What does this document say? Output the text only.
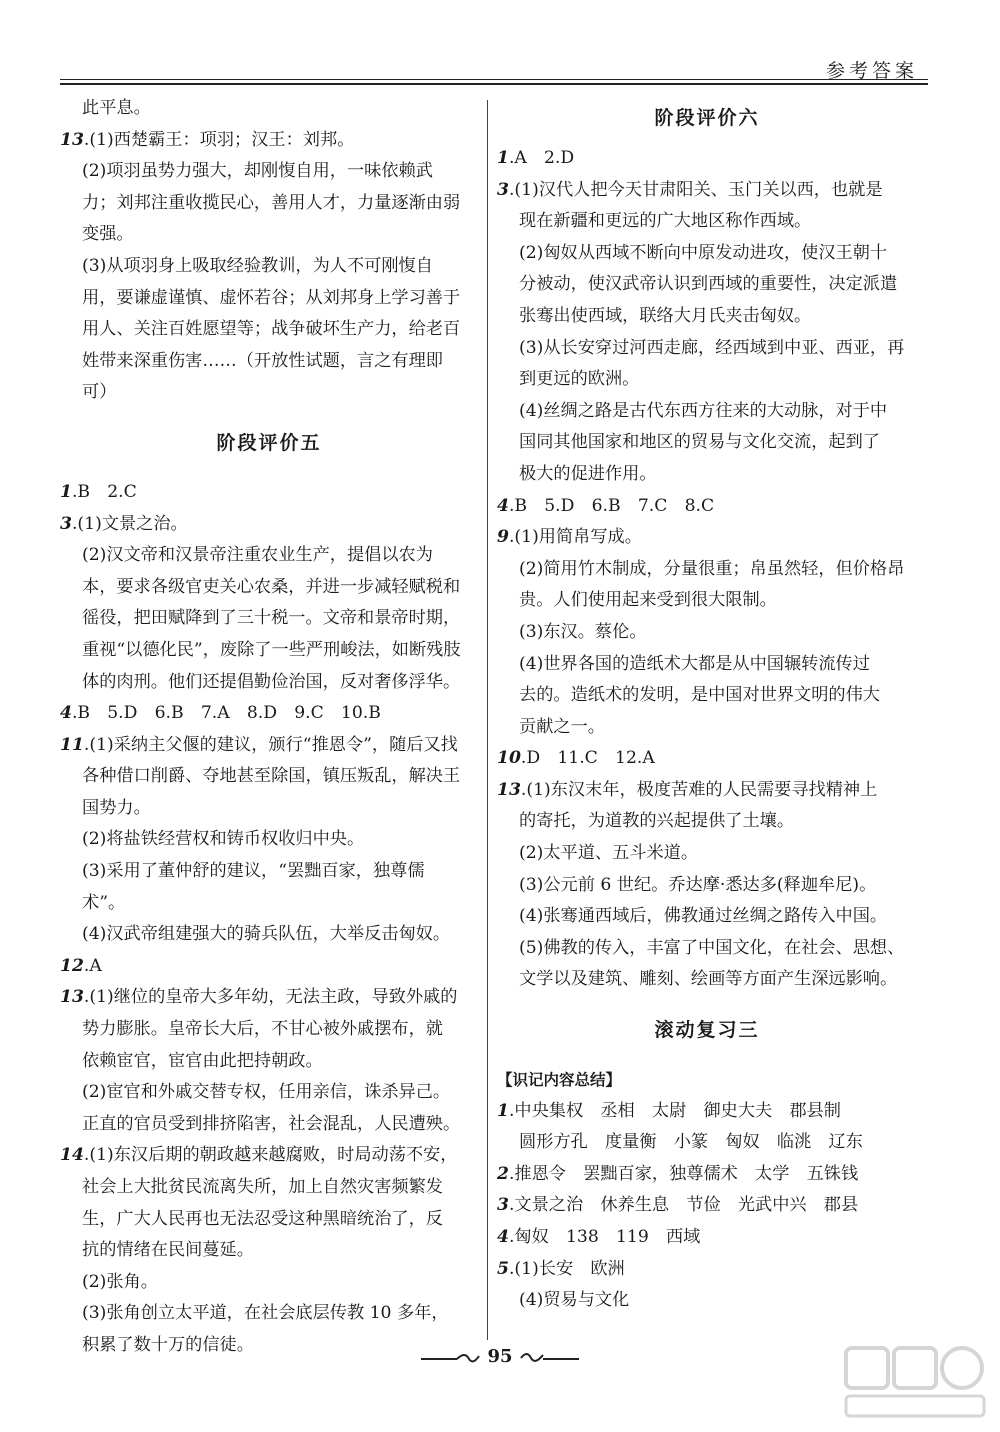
参考答案
此平息。
13.(1)西楚霸王：项羽；汉王：刘邦。
(2)项羽虽势力强大，却刚愎自用，一味依赖武
力；刘邦注重收揽民心，善用人才，力量逐渐由弱
变强。
(3)从项羽身上吸取经验教训，为人不可刚愎自
用，要谦虚谨慎、虚怀若谷；从刘邦身上学习善于
用人、关注百姓愿望等；战争破坏生产力，给老百
姓带来深重伤害……（开放性试题，言之有理即
可）
阶段评价五
1.B　2.C
3.(1)文景之治。
(2)汉文帝和汉景帝注重农业生产，提倡以农为
本，要求各级官吏关心农桑，并进一步减轻赋税和
徭役，把田赋降到了三十税一。文帝和景帝时期，
重视“以德化民”，废除了一些严刑峻法，如断残肢
体的肉刑。他们还提倡勤俭治国，反对奢侈浮华。
4.B　5.D　6.B　7.A　8.D　9.C　10.B
11.(1)采纳主父偃的建议，颁行“推恩令”，随后又找
各种借口削爵、夺地甚至除国，镇压叛乱，解决王
国势力。
(2)将盐铁经营权和铸币权收归中央。
(3)采用了董仲舒的建议，“罢黜百家，独尊儒
术”。
(4)汉武帝组建强大的骑兵队伍，大举反击匈奴。
12.A
13.(1)继位的皇帝大多年幼，无法主政，导致外戚的
势力膨胀。皇帝长大后，不甘心被外戚摆布，就
依赖宦官，宦官由此把持朝政。
(2)宦官和外戚交替专权，任用亲信，诛杀异己。
正直的官员受到排挤陷害，社会混乱，人民遭殃。
14.(1)东汉后期的朝政越来越腐败，时局动荡不安，
社会上大批贫民流离失所，加上自然灾害频繁发
生，广大人民再也无法忍受这种黑暗统治了，反
抗的情绪在民间蔓延。
(2)张角。
(3)张角创立太平道，在社会底层传教 10 多年，
积累了数十万的信徒。
阶段评价六
1.A　2.D
3.(1)汉代人把今天甘肃阳关、玉门关以西，也就是
现在新疆和更远的广大地区称作西域。
(2)匈奴从西域不断向中原发动进攻，使汉王朝十
分被动，使汉武帝认识到西域的重要性，决定派遣
张骞出使西域，联络大月氏夹击匈奴。
(3)从长安穿过河西走廊，经西域到中亚、西亚，再
到更远的欧洲。
(4)丝绸之路是古代东西方往来的大动脉，对于中
国同其他国家和地区的贸易与文化交流，起到了
极大的促进作用。
4.B　5.D　6.B　7.C　8.C
9.(1)用简帛写成。
(2)简用竹木制成，分量很重；帛虽然轻，但价格昂
贵。人们使用起来受到很大限制。
(3)东汉。蔡伦。
(4)世界各国的造纸术大都是从中国辗转流传过
去的。造纸术的发明，是中国对世界文明的伟大
贡献之一。
10.D　11.C　12.A
13.(1)东汉末年，极度苦难的人民需要寻找精神上
的寄托，为道教的兴起提供了土壤。
(2)太平道、五斗米道。
(3)公元前 6 世纪。乔达摩·悉达多(释迦牟尼)。
(4)张骞通西域后，佛教通过丝绸之路传入中国。
(5)佛教的传入，丰富了中国文化，在社会、思想、
文学以及建筑、雕刻、绘画等方面产生深远影响。
滚动复习三
【识记内容总结】
1.中央集权　丞相　太尉　御史大夫　郡县制
圆形方孔　度量衡　小篆　匈奴　临洮　辽东
2.推恩令　罢黜百家，独尊儒术　太学　五铢钱
3.文景之治　休养生息　节俭　光武中兴　郡县
4.匈奴　138　119　西域
5.(1)长安　欧洲
(4)贸易与文化
95
